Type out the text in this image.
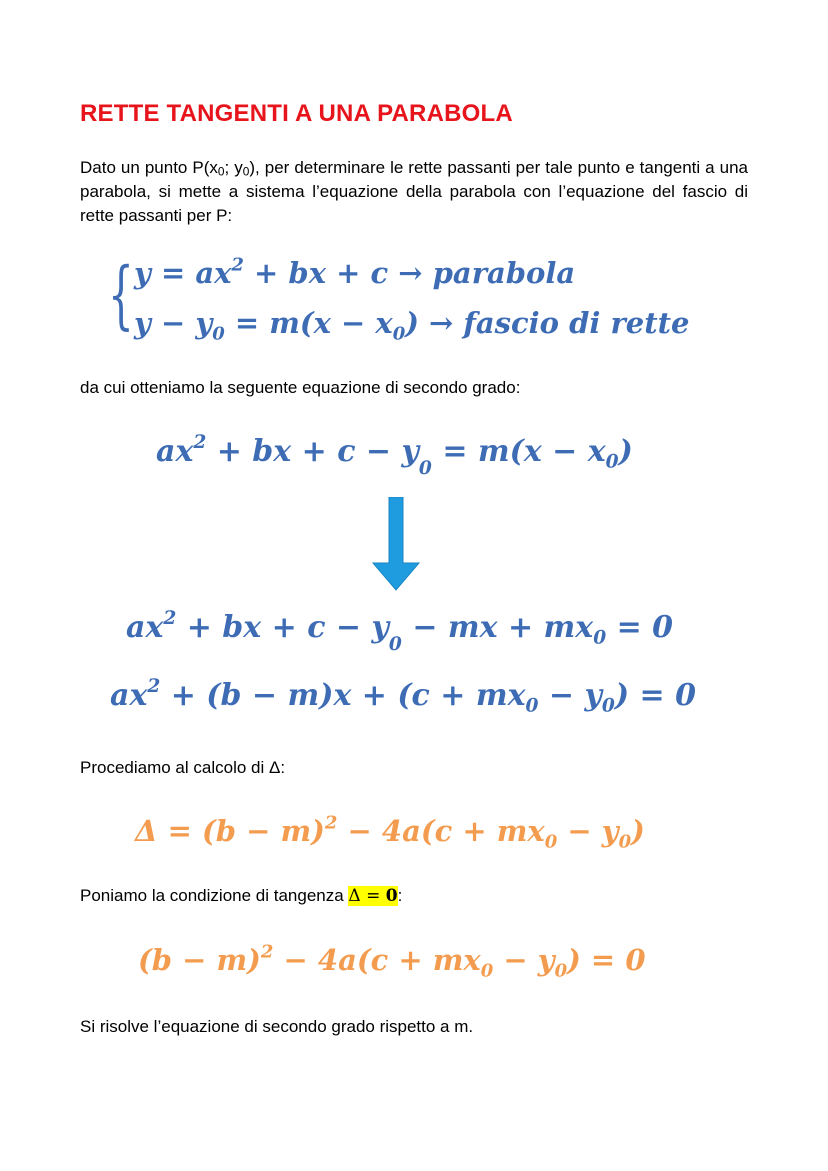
RETTE TANGENTI A UNA PARABOLA
Dato un punto $P(x_0$; $y_0$), per determinare le rette passanti per tale punto e tangenti a una parabola, si mette a sistema l’equazione della parabola con l’equazione del fascio di rette passanti per P:
{ $y = ax^2$ + bx + c → parabola
$y - y_0 = m(x - x_0)$ → fascio di rette
da cui otteniamo la seguente equazione di secondo grado:
$ax^2$ + bx + $c - y_0 = m(x - x_0)$
$ax^2$ + bx + $c - y_0$ − mx + $mx_0 = 0$
$ax^2 + (b - m)x + (c + mx_0 - y_0) = 0$
Procediamo al calcolo di Δ:
$\Delta = (b - m)^2 - 4a(c + mx_0 - y_0)$
Poniamo la condizione di tangenza Δ = 0:
$(b - m)^2 - 4a(c + mx_0 - y_0) = 0$
Si risolve l’equazione di secondo grado rispetto a m.
